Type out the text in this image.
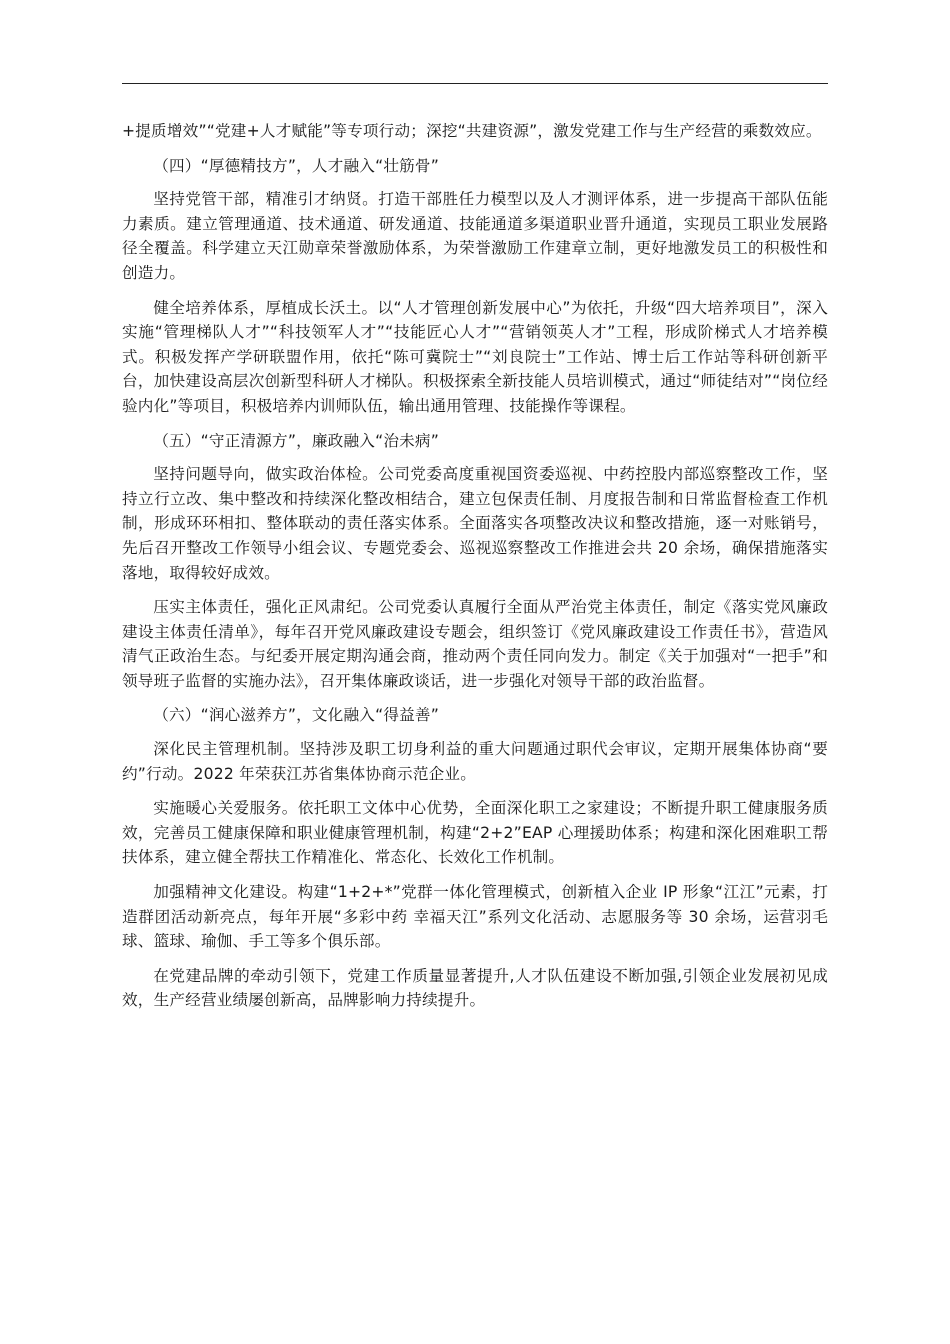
+提质增效”“党建+人才赋能”等专项行动；深挖“共建资源”，激发党建工作与生产经营的乘数效应。

（四）“厚德精技方”，人才融入“壮筋骨”

坚持党管干部，精准引才纳贤。打造干部胜任力模型以及人才测评体系，进一步提高干部队伍能力素质。建立管理通道、技术通道、研发通道、技能通道多渠道职业晋升通道，实现员工职业发展路径全覆盖。科学建立天江勋章荣誉激励体系，为荣誉激励工作建章立制，更好地激发员工的积极性和创造力。

健全培养体系，厚植成长沃土。以“人才管理创新发展中心”为依托，升级“四大培养项目”，深入实施“管理梯队人才”“科技领军人才”“技能匠心人才”“营销领英人才”工程，形成阶梯式人才培养模式。积极发挥产学研联盟作用，依托“陈可冀院士”“刘良院士”工作站、博士后工作站等科研创新平台，加快建设高层次创新型科研人才梯队。积极探索全新技能人员培训模式，通过“师徒结对”“岗位经验内化”等项目，积极培养内训师队伍，输出通用管理、技能操作等课程。

（五）“守正清源方”，廉政融入“治未病”

坚持问题导向，做实政治体检。公司党委高度重视国资委巡视、中药控股内部巡察整改工作，坚持立行立改、集中整改和持续深化整改相结合，建立包保责任制、月度报告制和日常监督检查工作机制，形成环环相扣、整体联动的责任落实体系。全面落实各项整改决议和整改措施，逐一对账销号，先后召开整改工作领导小组会议、专题党委会、巡视巡察整改工作推进会共 20 余场，确保措施落实落地，取得较好成效。

压实主体责任，强化正风肃纪。公司党委认真履行全面从严治党主体责任，制定《落实党风廉政建设主体责任清单》，每年召开党风廉政建设专题会，组织签订《党风廉政建设工作责任书》，营造风清气正政治生态。与纪委开展定期沟通会商，推动两个责任同向发力。制定《关于加强对“一把手”和领导班子监督的实施办法》，召开集体廉政谈话，进一步强化对领导干部的政治监督。

（六）“润心滋养方”，文化融入“得益善”

深化民主管理机制。坚持涉及职工切身利益的重大问题通过职代会审议，定期开展集体协商“要约”行动。2022 年荣获江苏省集体协商示范企业。

实施暖心关爱服务。依托职工文体中心优势，全面深化职工之家建设；不断提升职工健康服务质效，完善员工健康保障和职业健康管理机制，构建“2+2”EAP 心理援助体系；构建和深化困难职工帮扶体系，建立健全帮扶工作精准化、常态化、长效化工作机制。

加强精神文化建设。构建“1+2+*”党群一体化管理模式，创新植入企业 IP 形象“江江”元素，打造群团活动新亮点，每年开展“多彩中药 幸福天江”系列文化活动、志愿服务等 30 余场，运营羽毛球、篮球、瑜伽、手工等多个俱乐部。

在党建品牌的牵动引领下，党建工作质量显著提升,人才队伍建设不断加强,引领企业发展初见成效，生产经营业绩屡创新高，品牌影响力持续提升。
